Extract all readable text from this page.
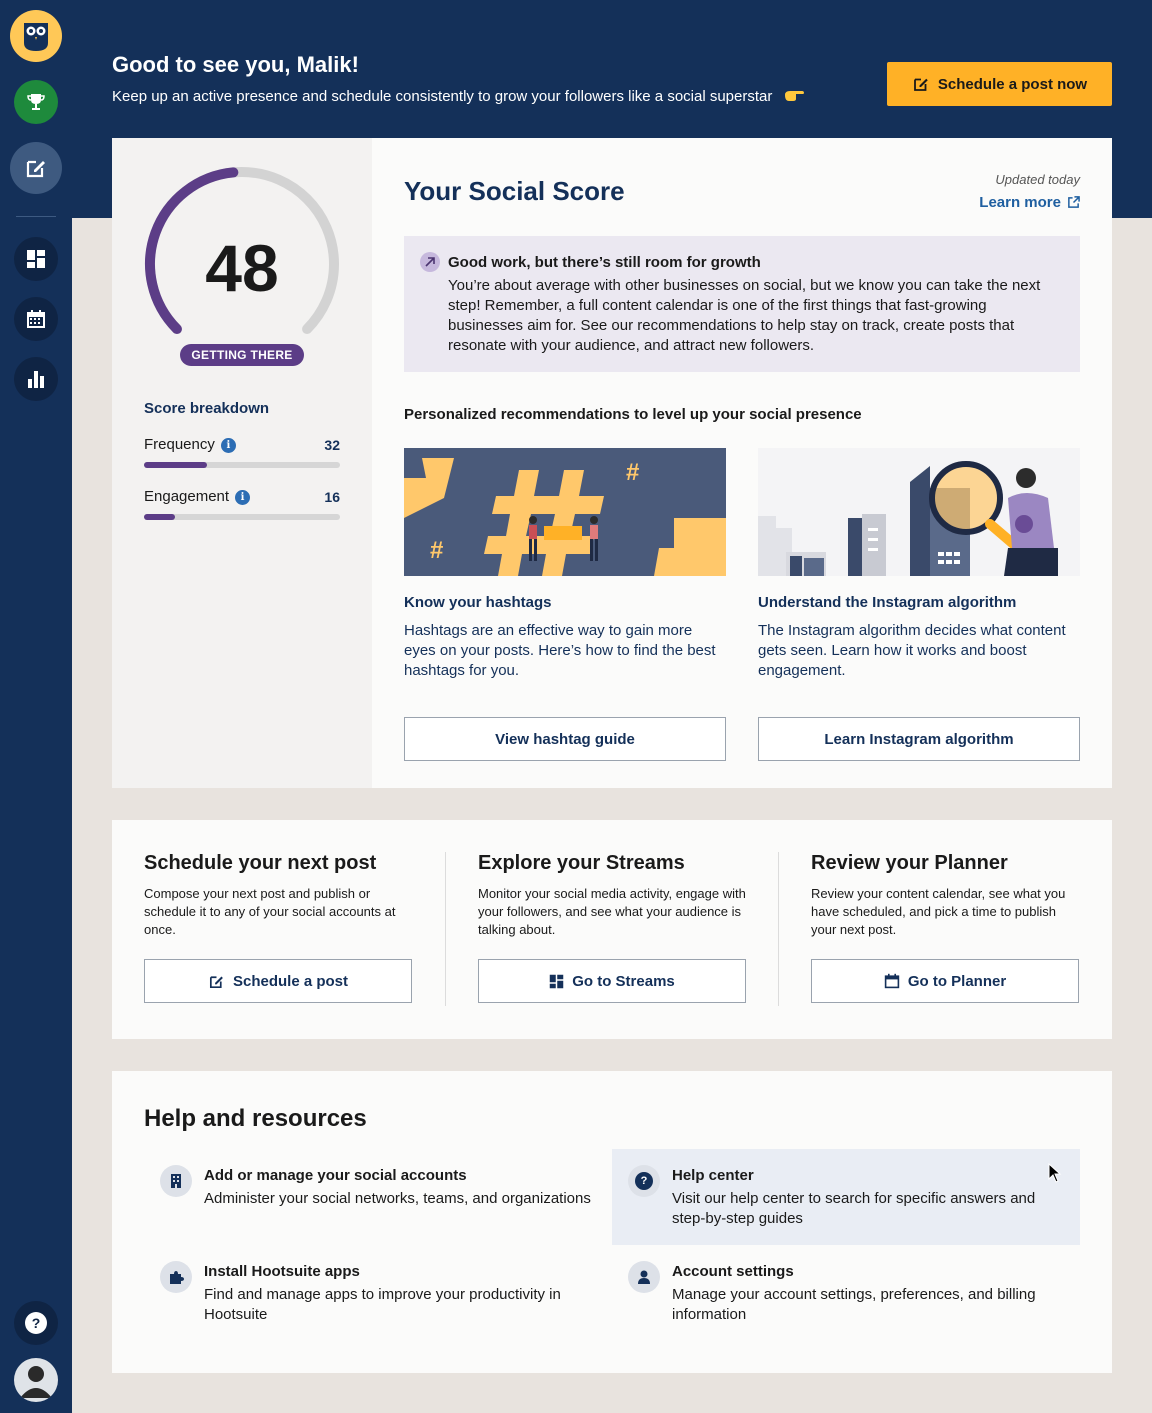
?
Good to see you, Malik!
Keep up an active presence and schedule consistently to grow your followers like a social superstar
Schedule a post now
48
GETTING THERE
Score breakdown
Frequency i	32
Engagement i	16
Your Social Score	Updated today
Learn more
Good work, but there’s still room for growth
You’re about average with other businesses on social, but we know you can take the next step! Remember, a full content calendar is one of the first things that fast-growing businesses aim for. See our recommendations to help stay on track, create posts that resonate with your audience, and attract new followers.
Personalized recommendations to level up your social presence
#
#
Know your hashtags
Hashtags are an effective way to gain more eyes on your posts. Here’s how to find the best hashtags for you.
View hashtag guide
Understand the Instagram algorithm
The Instagram algorithm decides what content gets seen. Learn how it works and boost engagement.
Learn Instagram algorithm
Schedule your next post

Compose your next post and publish or schedule it to any of your social accounts at once.

Schedule a post
Explore your Streams

Monitor your social media activity, engage with your followers, and see what your audience is talking about.

Go to Streams
Review your Planner

Review your content calendar, see what you have scheduled, and pick a time to publish your next post.

Go to Planner
Help and resources
Add or manage your social accounts
Administer your social networks, teams, and organizations
?	Help center
Visit our help center to search for specific answers and step-by-step guides
Install Hootsuite apps
Find and manage apps to improve your productivity in Hootsuite
Account settings
Manage your account settings, preferences, and billing information
